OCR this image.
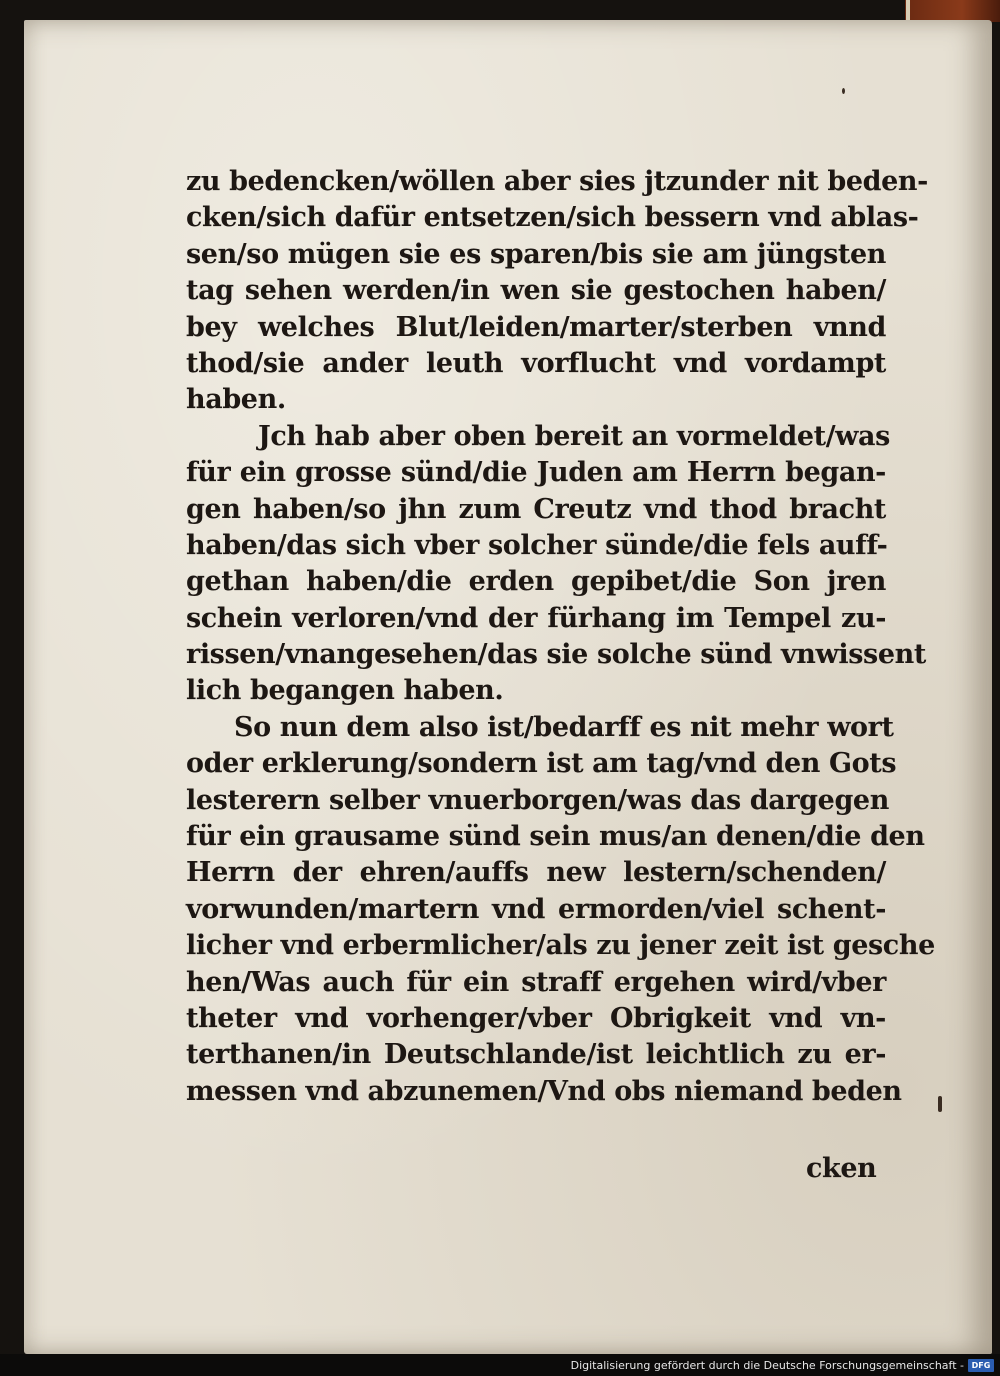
zu bedencken/wöllen aber sies jtzunder nit beden-
cken/sich dafür entsetzen/sich bessern vnd ablas-
sen/so mügen sie es sparen/bis sie am jüngsten
tag sehen werden/in wen sie gestochen haben/
bey welches Blut/leiden/marter/sterben vnnd
thod/sie ander leuth vorflucht vnd vordampt
haben.
Jch hab aber oben bereit an vormeldet/was
für ein grosse sünd/die Juden am Herrn began-
gen haben/so jhn zum Creutz vnd thod bracht
haben/das sich vber solcher sünde/die fels auff-
gethan haben/die erden gepibet/die Son jren
schein verloren/vnd der fürhang im Tempel zu-
rissen/vnangesehen/das sie solche sünd vnwissent
lich begangen haben.
So nun dem also ist/bedarff es nit mehr wort
oder erklerung/sondern ist am tag/vnd den Gots
lesterern selber vnuerborgen/was das dargegen
für ein grausame sünd sein mus/an denen/die den
Herrn der ehren/auffs new lestern/schenden/
vorwunden/martern vnd ermorden/viel schent-
licher vnd erbermlicher/als zu jener zeit ist gesche
hen/Was auch für ein straff ergehen wird/vber
theter vnd vorhenger/vber Obrigkeit vnd vn-
terthanen/in Deutschlande/ist leichtlich zu er-
messen vnd abzunemen/Vnd obs niemand beden
cken
Digitalisierung gefördert durch die Deutsche Forschungsgemeinschaft - DFG
